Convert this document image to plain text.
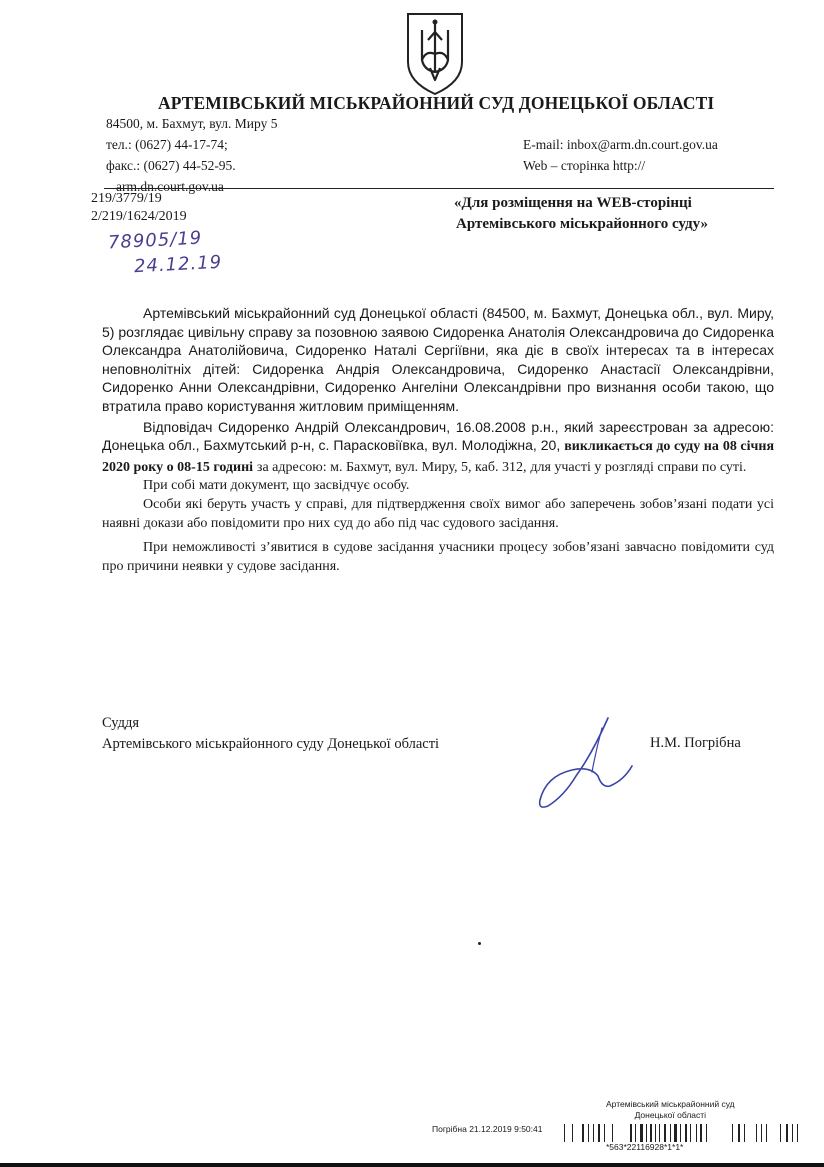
АРТЕМІВСЬКИЙ МІСЬКРАЙОННИЙ СУД ДОНЕЦЬКОЇ ОБЛАСТІ
84500, м. Бахмут, вул. Миру 5
тел.: (0627) 44-17-74;
факс.: (0627) 44-52-95.
arm.dn.court.gov.ua
E-mail: inbox@arm.dn.court.gov.ua
Web – сторінка http://
219/3779/19
2/219/1624/2019
78905/19
24.12.19
«Для розміщення на WEB-сторінці
Артемівського міськрайонного суду»

Артемівський міськрайонний суд Донецької області (84500, м. Бахмут, Донецька обл., вул. Миру, 5) розглядає цивільну справу за позовною заявою Сидоренка Анатолія Олександровича до Сидоренка Олександра Анатолійовича, Сидоренко Наталі Сергіївни, яка діє в своїх інтересах та в інтересах неповнолітніх дітей: Сидоренка Андрія Олександровича, Сидоренко Анастасії Олександрівни, Сидоренко Анни Олександрівни, Сидоренко Ангеліни Олександрівни про визнання особи такою, що втратила право користування житловим приміщенням.

Відповідач Сидоренко Андрій Олександрович, 16.08.2008 р.н., який зареєстрован за адресою: Донецька обл., Бахмутський р-н, с. Парасковіївка, вул. Молодіжна, 20, викликається до суду на 08 січня 2020 року о 08-15 годині за адресою: м. Бахмут, вул. Миру, 5, каб. 312, для участі у розгляді справи по суті.

При собі мати документ, що засвідчує особу.

Особи які беруть участь у справі, для підтвердження своїх вимог або заперечень зобов’язані подати усі наявні докази або повідомити про них суд до або під час судового засідання.

При неможливості з’явитися в судове засідання учасники процесу зобов’язані завчасно повідомити суд про причини неявки у судове засідання.

Суддя
Артемівського міськрайонного суду Донецької області	Н.М. Погрібна
Артемівський міськрайонний суд
Донецької області
Погрібна 21.12.2019 9:50:41
*563*22116928*1*1*
